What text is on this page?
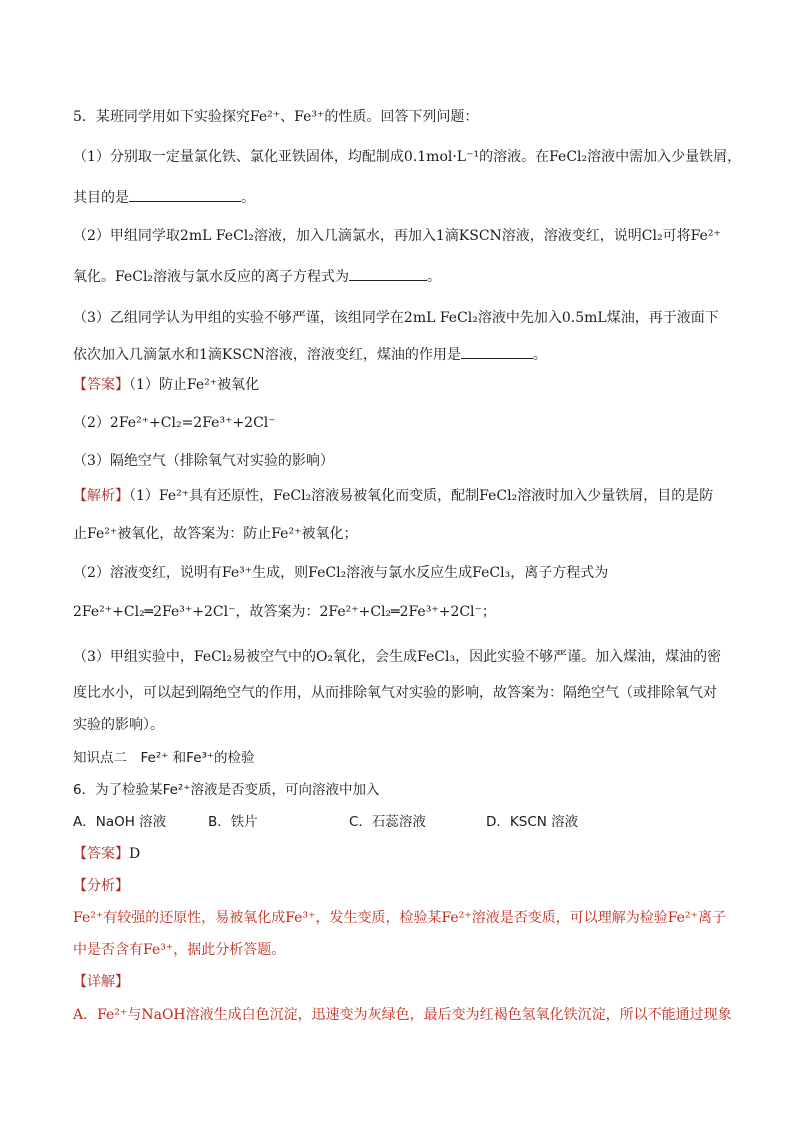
5．某班同学用如下实验探究Fe²⁺、Fe³⁺的性质。回答下列问题：
（1）分别取一定量氯化铁、氯化亚铁固体，均配制成0.1mol·L⁻¹的溶液。在FeCl₂溶液中需加入少量铁屑，
其目的是	。
（2）甲组同学取2mL FeCl₂溶液，加入几滴氯水，再加入1滴KSCN溶液，溶液变红，说明Cl₂可将Fe²⁺
氧化。FeCl₂溶液与氯水反应的离子方程式为	。
（3）乙组同学认为甲组的实验不够严谨，该组同学在2mL FeCl₂溶液中先加入0.5mL煤油，再于液面下
依次加入几滴氯水和1滴KSCN溶液，溶液变红，煤油的作用是	。
【答案】（1）防止Fe²⁺被氧化
（2）2Fe²⁺+Cl₂=2Fe³⁺+2Cl⁻
（3）隔绝空气（排除氧气对实验的影响）
【解析】（1）Fe²⁺具有还原性，FeCl₂溶液易被氧化而变质，配制FeCl₂溶液时加入少量铁屑，目的是防
止Fe²⁺被氧化，故答案为：防止Fe²⁺被氧化；
（2）溶液变红，说明有Fe³⁺生成，则FeCl₂溶液与氯水反应生成FeCl₃，离子方程式为
2Fe²⁺+Cl₂═2Fe³⁺+2Cl⁻，故答案为：2Fe²⁺+Cl₂═2Fe³⁺+2Cl⁻；
（3）甲组实验中，FeCl₂易被空气中的O₂氧化，会生成FeCl₃，因此实验不够严谨。加入煤油，煤油的密
度比水小，可以起到隔绝空气的作用，从而排除氧气对实验的影响，故答案为：隔绝空气（或排除氧气对
实验的影响）。
知识点二　Fe²⁺ 和Fe³⁺的检验
6．为了检验某Fe²⁺溶液是否变质，可向溶液中加入
A．NaOH 溶液	B．铁片	C．石蕊溶液	D．KSCN 溶液
【答案】D
【分析】
Fe²⁺有较强的还原性，易被氧化成Fe³⁺，发生变质，检验某Fe²⁺溶液是否变质，可以理解为检验Fe²⁺离子
中是否含有Fe³⁺，据此分析答题。
【详解】
A．Fe²⁺与NaOH溶液生成白色沉淀，迅速变为灰绿色，最后变为红褐色氢氧化铁沉淀，所以不能通过现象
